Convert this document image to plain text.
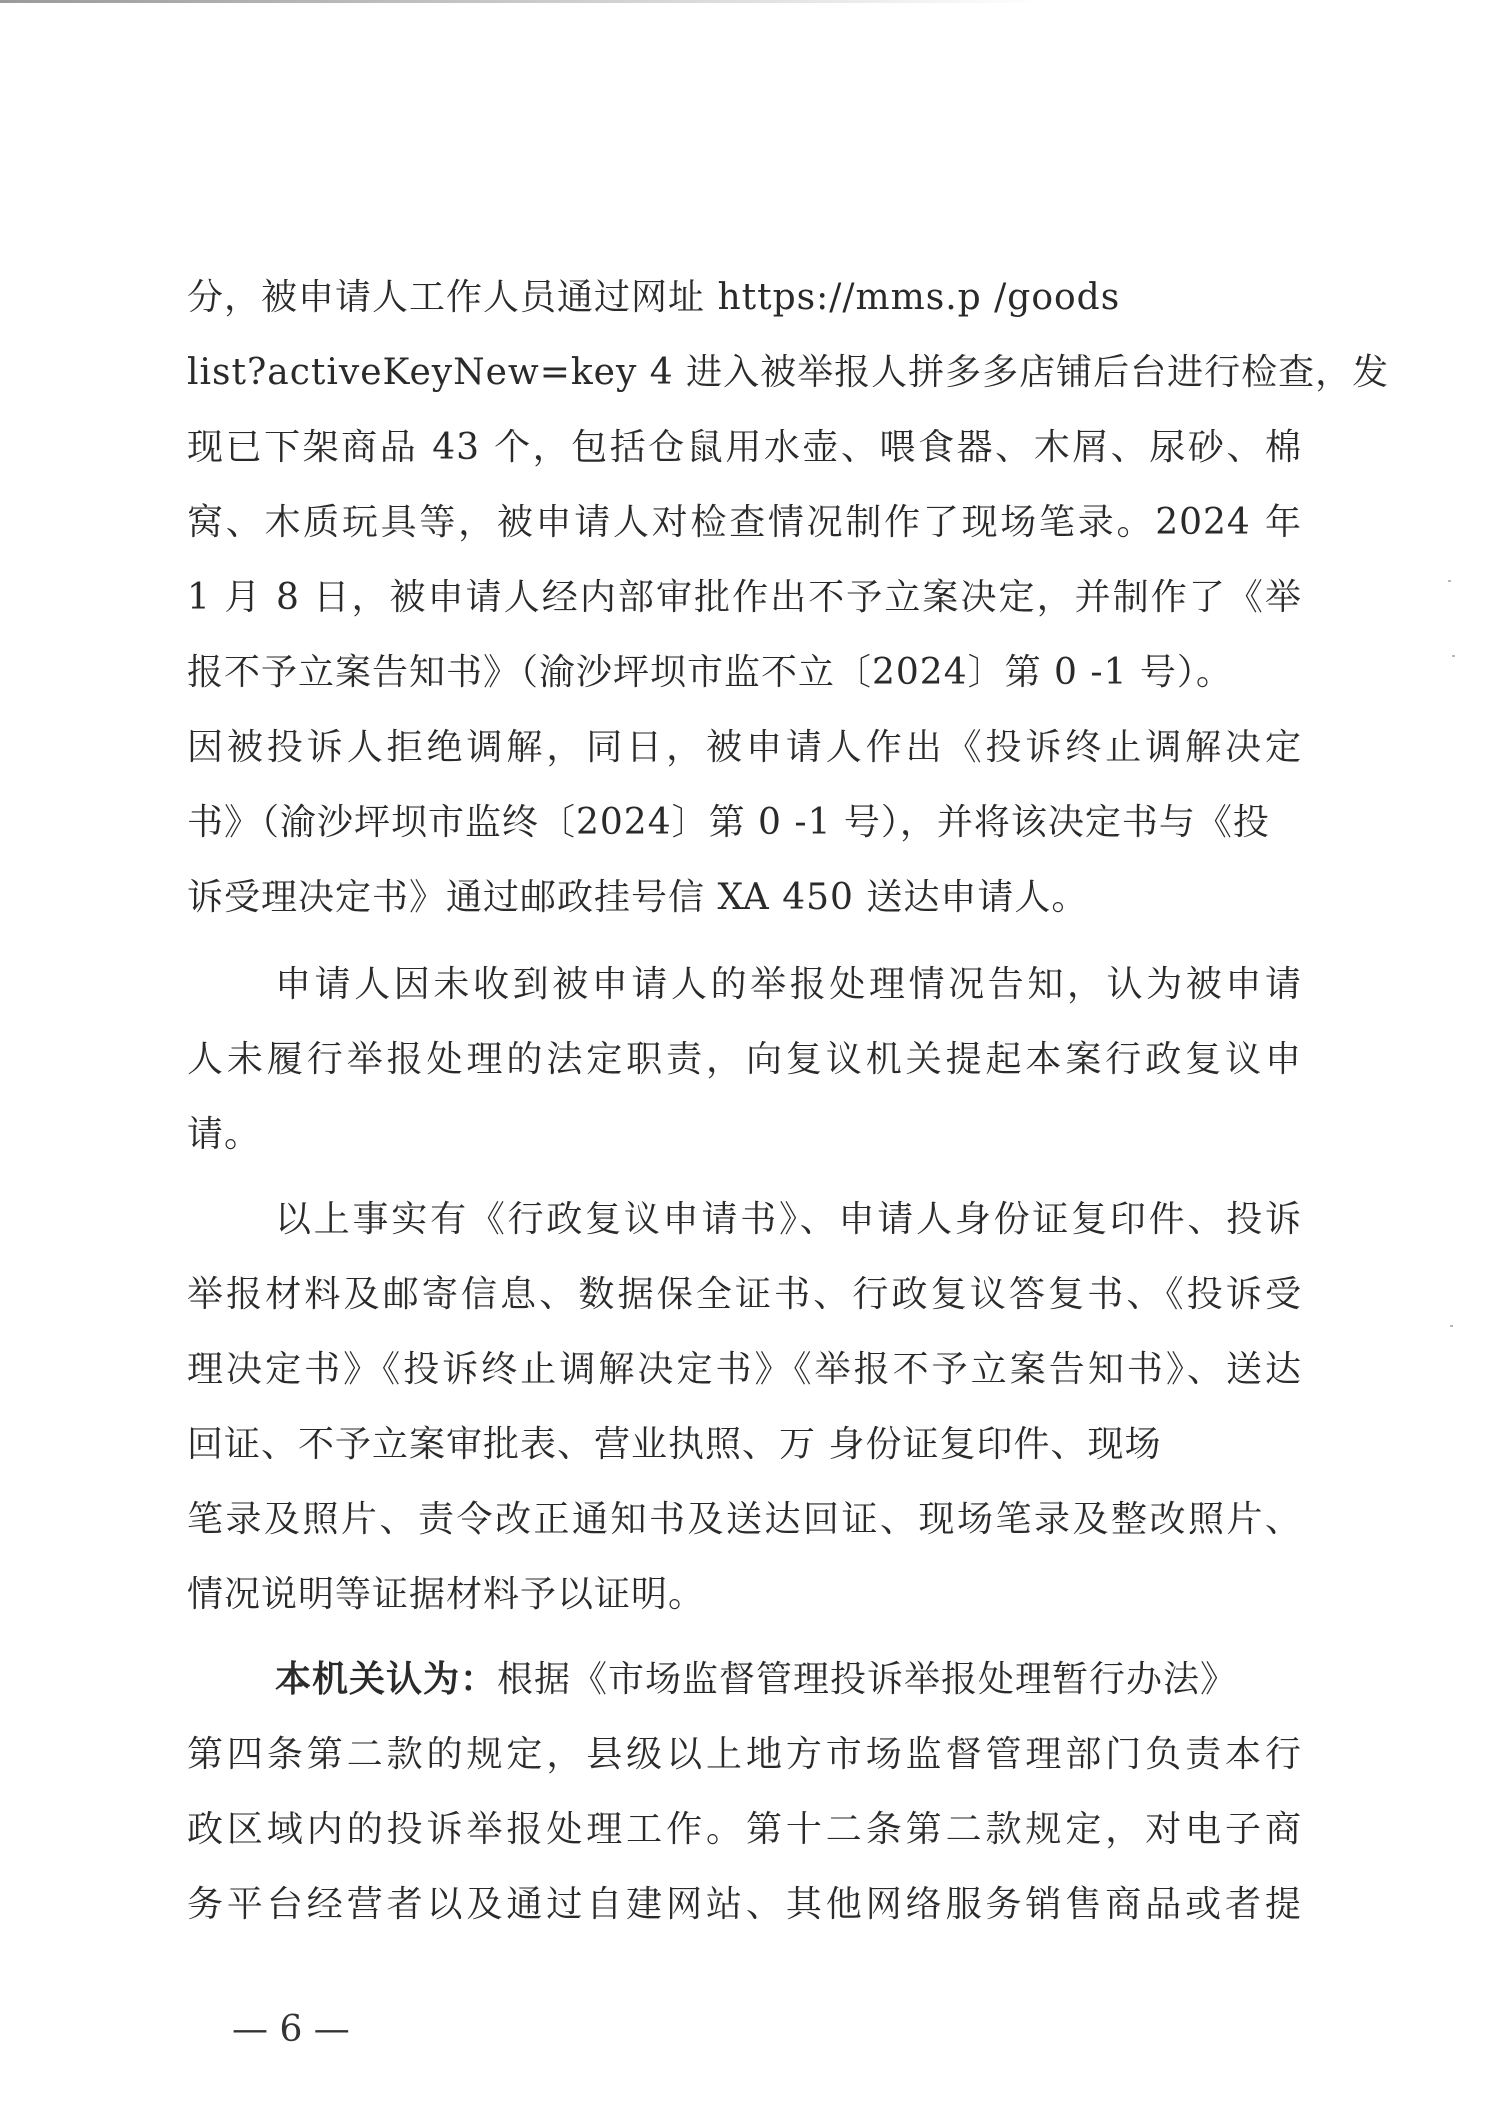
分，被申请人工作人员通过网址 https://mms.p /goods
list?activeKeyNew=key 4 进入被举报人拼多多店铺后台进行检查，发
现已下架商品 43 个，包括仓鼠用水壶、喂食器、木屑、尿砂、棉
窝、木质玩具等，被申请人对检查情况制作了现场笔录。2024 年
1 月 8 日，被申请人经内部审批作出不予立案决定，并制作了《举
报不予立案告知书》（渝沙坪坝市监不立〔2024〕第 0 -1 号）。
因被投诉人拒绝调解，同日，被申请人作出《投诉终止调解决定
书》（渝沙坪坝市监终〔2024〕第 0 -1 号），并将该决定书与《投
诉受理决定书》通过邮政挂号信 XA 450 送达申请人。
申请人因未收到被申请人的举报处理情况告知，认为被申请
人未履行举报处理的法定职责，向复议机关提起本案行政复议申
请。
以上事实有《行政复议申请书》、申请人身份证复印件、投诉
举报材料及邮寄信息、数据保全证书、行政复议答复书、《投诉受
理决定书》《投诉终止调解决定书》《举报不予立案告知书》、送达
回证、不予立案审批表、营业执照、万 身份证复印件、现场
笔录及照片、责令改正通知书及送达回证、现场笔录及整改照片、
情况说明等证据材料予以证明。
本机关认为：根据《市场监督管理投诉举报处理暂行办法》
第四条第二款的规定，县级以上地方市场监督管理部门负责本行
政区域内的投诉举报处理工作。第十二条第二款规定，对电子商
务平台经营者以及通过自建网站、其他网络服务销售商品或者提
— 6 —
